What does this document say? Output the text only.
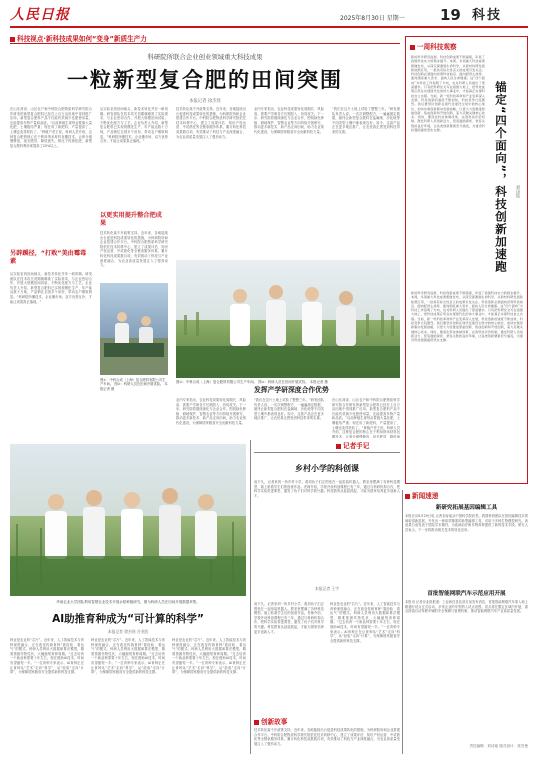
人民日报	2025年8月30日 星期一 19 科技
科技视点·新科技成果如何“变身”新质生产力
科研院所联合企业创业领域重大科技成果
一粒新型复合肥的田间突围
本报记者 徐杰瑶
在山东菏泽，山区农户和中科院合肥物质科学研究院合作研发的新型复合肥料已经在上百万亩田地中得到推广应用。新型复合肥料产品不仅能有效减少化肥使用量，还能提高作物产量和品质。“以前种植生姜每亩要施大量化肥，土壤板结严重；现在用了新肥料，产量提高了，土壤也变得松软了。”种植户老王说。科研人员介绍，这种复合肥的核心在于利用纳米材料包覆技术，让养分缓慢释放，延长肥效，降低流失。相比于传统化肥，新型复合肥料利用率提高了20%以上。
另辟蹊径，“打败”美由霉毒素
从实验室到田间地头，新技术转化并非一帆风顺。研发团队在技术攻关初期就瞄准了实际需求，与企业密切合作，开展大规模田间试验，不断优化配方与工艺。企业负责人介绍，新型复合肥料已实现规模化生产，年产能达数十万吨，产品销往全国多个省份，带动农户增收明显。“科研院所懂技术，企业懂市场，双方优势互补，才能让成果真正落地。”
从实验室到田间地头，新技术转化并非一帆风顺。研发团队在技术攻关初期就瞄准了实际需求，与企业密切合作，开展大规模田间试验，不断优化配方与工艺。企业负责人介绍，新型复合肥料已实现规模化生产，年产能达数十万吨，产品销往全国多个省份，带动农户增收明显。“科研院所懂技术，企业懂市场，双方优势互补，才能让成果真正落地。”
以更实用提升整合把成果
技术转化离不开政策支持。近年来，各地陆续出台促进科技成果转化的措施，为科研院所和企业搭建合作平台。中科院合肥物质科学研究院依托技术转移中心，建立了成果评估、知识产权运营、中试熟化等全链条服务体系，累计转化科技成果数百项，有效推动了科技与产业深度融合，为农业高质量发展注入了强劲动力。
技术转化离不开政策支持。近年来，各地陆续出台促进科技成果转化的措施，为科研院所和企业搭建合作平台。中科院合肥物质科学研究院依托技术转移中心，建立了成果评估、知识产权运营、中试熟化等全链条服务体系，累计转化科技成果数百项，有效推动了科技与产业深度融合，为农业高质量发展注入了强劲动力。
业内专家指出，农业科技成果转化周期长、风险高，需要产学研各方长期投入、协同攻关。下一步，研究院将继续深化与企业合作，围绕绿色种植、耕地保护、智慧农业等方向持续开展研究，推动更多新技术、新产品走向田间，助力农业现代化建设，为保障国家粮食安全贡献科技力量。
“我们在这片土地上试验了整整三年。”研发团队负责人说。一次次调整配方，一遍遍测定数据，最终让新型复合肥料在盐碱地、沙化地等不同类型土壤中都表现良好。如今，这款产品正在更多地区推广，让农民真正感受到科技带来的实惠。
图①：中科合成（上海）复合肥料有限公司生产车间。 图②：科研人员在田间开展试验。 本报记者 摄
图①：中科合成（上海）复合肥料有限公司生产车间。 图②：科研人员在田间开展试验。 本报记者 摄
发挥产学研深度合作优势
业内专家指出，农业科技成果转化周期长、风险高，需要产学研各方长期投入、协同攻关。下一步，研究院将继续深化与企业合作，围绕绿色种植、耕地保护、智慧农业等方向持续开展研究，推动更多新技术、新产品走向田间，助力农业现代化建设，为保障国家粮食安全贡献科技力量。
“我们在这片土地上试验了整整三年。”研发团队负责人说。一次次调整配方，一遍遍测定数据，最终让新型复合肥料在盐碱地、沙化地等不同类型土壤中都表现良好。如今，这款产品正在更多地区推广，让农民真正感受到科技带来的实惠。
在山东菏泽，山区农户和中科院合肥物质科学研究院合作研发的新型复合肥料已经在上百万亩田地中得到推广应用。新型复合肥料产品不仅能有效减少化肥使用量，还能提高作物产量和品质。“以前种植生姜每亩要施大量化肥，土壤板结严重；现在用了新肥料，产量提高了，土壤也变得松软了。”种植户老王说。科研人员介绍，这种复合肥的核心在于利用纳米材料包覆技术，让养分缓慢释放，延长肥效，降低流
一周科技观察
新的科学研究进展、科技创新成果不断涌现，彰显了我国科技实力的稳步提升。本周，多项重大科技成果相继发布，从深空探测到生命科学，从新材料研发到新能源应用，一批具有标志性意义的成果引发关注。科技创新必须面向世界科技前沿、面向经济主战场、面向国家重大需求、面向人民生命健康。这“四个面向”为科技工作指明了方向，也对科研人员提出了更高要求。只有把科研论文写在祖国大地上，把科技成果应用在实现现代化的伟大事业中，才能真正实现科技自立自强。当前，新一轮科技革命和产业变革深入发展，科技创新的速度不断加快，科技竞争日趋激烈。我们要坚持创新在现代化建设全局中的核心地位，加快实施创新驱动发展战略，以更大力度推进原始创新、集成创新和开放创新，着力突破关键核心技术。同时，要深化科技体制改革，完善科技评价机制，激发科研人员创新活力，营造鼓励探索、宽容失败的良好环境，让各类创新要素充分涌流，为建设科技强国提供坚实支撑。	锚定“四个面向”，科技创新加速跑	刘诗瑶
新的科学研究进展、科技创新成果不断涌现，彰显了我国科技实力的稳步提升。本周，多项重大科技成果相继发布，从深空探测到生命科学，从新材料研发到新能源应用，一批具有标志性意义的成果引发关注。科技创新必须面向世界科技前沿、面向经济主战场、面向国家重大需求、面向人民生命健康。这“四个面向”为科技工作指明了方向，也对科研人员提出了更高要求。只有把科研论文写在祖国大地上，把科技成果应用在实现现代化的伟大事业中，才能真正实现科技自立自强。当前，新一轮科技革命和产业变革深入发展，科技创新的速度不断加快，科技竞争日趋激烈。我们要坚持创新在现代化建设全局中的核心地位，加快实施创新驱动发展战略，以更大力度推进原始创新、集成创新和开放创新，着力突破关键核心技术。同时，要深化科技体制改革，完善科技评价机制，激发科研人员创新活力，营造鼓励探索、宽容失败的良好环境，让各类创新要素充分涌流，为建设科技强国提供坚实支撑。
记者手记
乡村小学的科创课
前不久，记者来到一所乡村小学，看到孩子们正围坐在一起组装机器人。教室里摆满了各种科技模型，墙上贴着学生们的创意作品。老师介绍，学校开设科创课程已有三年，通过与科研机构合作，把科学实验带进课堂，激发了孩子们对科学的兴趣。科技教育从娃娃抓起，才能为国家培养更多创新人才。
本报记者 王宇
华南农业大学团队利用智慧农业技术开展水稻种植研究，图为科研人员在田间开展数据采集。
AI助推育种成为“可计算的科学”
本报记者 徐杰瑶 谷业凯
种业是农业的“芯片”。近年来，人工智能技术与育种深度融合，正在改变传统育种“靠经验、看运气”的模式。科研人员利用大数据和算法模型，精准预测作物性状，大幅缩短育种周期。“过去培育一个新品种需要十年左右，现在借助AI技术，时间有望缩短一半。”一位育种专家表示。AI育种正在让育种从“艺术”走向“科学”，从“经验”走向“计算”，为保障国家粮食安全提供新的科技支撑。
种业是农业的“芯片”。近年来，人工智能技术与育种深度融合，正在改变传统育种“靠经验、看运气”的模式。科研人员利用大数据和算法模型，精准预测作物性状，大幅缩短育种周期。“过去培育一个新品种需要十年左右，现在借助AI技术，时间有望缩短一半。”一位育种专家表示。AI育种正在让育种从“艺术”走向“科学”，从“经验”走向“计算”，为保障国家粮食安全提供新的科技支撑。
种业是农业的“芯片”。近年来，人工智能技术与育种深度融合，正在改变传统育种“靠经验、看运气”的模式。科研人员利用大数据和算法模型，精准预测作物性状，大幅缩短育种周期。“过去培育一个新品种需要十年左右，现在借助AI技术，时间有望缩短一半。”一位育种专家表示。AI育种正在让育种从“艺术”走向“科学”，从“经验”走向“计算”，为保障国家粮食安全提供新的科技支撑。
前不久，记者来到一所乡村小学，看到孩子们正围坐在一起组装机器人。教室里摆满了各种科技模型，墙上贴着学生们的创意作品。老师介绍，学校开设科创课程已有三年，通过与科研机构合作，把科学实验带进课堂，激发了孩子们对科学的兴趣。科技教育从娃娃抓起，才能为国家培养更多创新人才。
种业是农业的“芯片”。近年来，人工智能技术与育种深度融合，正在改变传统育种“靠经验、看运气”的模式。科研人员利用大数据和算法模型，精准预测作物性状，大幅缩短育种周期。“过去培育一个新品种需要十年左右，现在借助AI技术，时间有望缩短一半。”一位育种专家表示。AI育种正在让育种从“艺术”走向“科学”，从“经验”走向“计算”，为保障国家粮食安全提供新的科技支撑。
创新故事
技术转化离不开政策支持。近年来，各地陆续出台促进科技成果转化的措施，为科研院所和企业搭建合作平台。中科院合肥物质科学研究院依托技术转移中心，建立了成果评估、知识产权运营、中试熟化等全链条服务体系，累计转化科技成果数百项，有效推动了科技与产业深度融合，为农业高质量发展注入了强劲动力。
新闻速递
新研究拓展基因编辑工具
本报北京8月29日电 记者刘诗瑶从中国科学院获悉，我国科研团队在基因编辑技术领域取得新进展，开发出一种高效精准的新型编辑工具，可用于多种生物模型研究。该成果日前发表于国际学术期刊，为疾病治疗和作物育种提供了新的技术手段。研究人员表示，下一步将推动相关技术的转化应用。
首批智能网联汽车示范应用开展
本报讯 记者谷业凯报道：工业和信息化部日前发布消息，首批智能网联汽车准入和上路通行试点正式启动，多家企业的车型纳入试点范围。试点将在限定区域内开展，重点探索自动驾驶车辆的安全保障与管理机制，推动智能网联汽车产业高质量发展。
责任编辑：刘诗瑶 版式设计：张芳曼
